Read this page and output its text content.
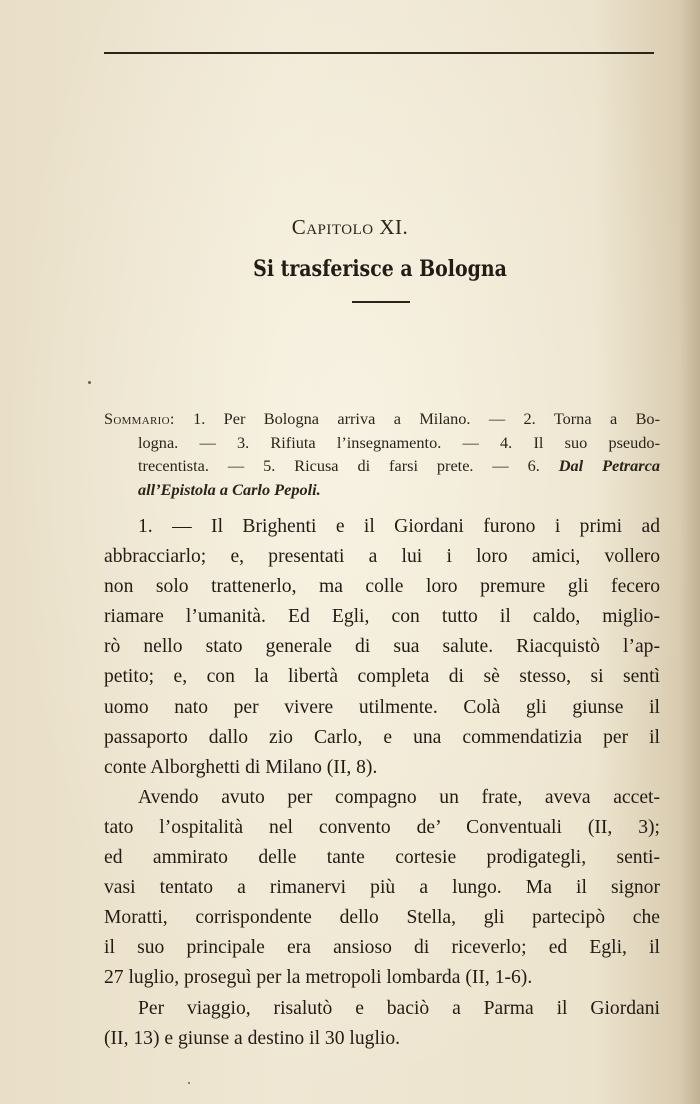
Capitolo XI.
Si trasferisce a Bologna
Sommario: 1. Per Bologna arriva a Milano. — 2. Torna a Bo-
logna. — 3. Rifiuta l’insegnamento. — 4. Il suo pseudo-
trecentista. — 5. Ricusa di farsi prete. — 6. Dal Petrarca
all’Epistola a Carlo Pepoli.
1. — Il Brighenti e il Giordani furono i primi ad
abbracciarlo; e, presentati a lui i loro amici, vollero
non solo trattenerlo, ma colle loro premure gli fecero
riamare l’umanità. Ed Egli, con tutto il caldo, miglio-
rò nello stato generale di sua salute. Riacquistò l’ap-
petito; e, con la libertà completa di sè stesso, si sentì
uomo nato per vivere utilmente. Colà gli giunse il
passaporto dallo zio Carlo, e una commendatizia per il
conte Alborghetti di Milano (II, 8).
Avendo avuto per compagno un frate, aveva accet-
tato l’ospitalità nel convento de’ Conventuali (II, 3);
ed ammirato delle tante cortesie prodigategli, senti-
vasi tentato a rimanervi più a lungo. Ma il signor
Moratti, corrispondente dello Stella, gli partecipò che
il suo principale era ansioso di riceverlo; ed Egli, il
27 luglio, proseguì per la metropoli lombarda (II, 1-6).
Per viaggio, risalutò e baciò a Parma il Giordani
(II, 13) e giunse a destino il 30 luglio.
